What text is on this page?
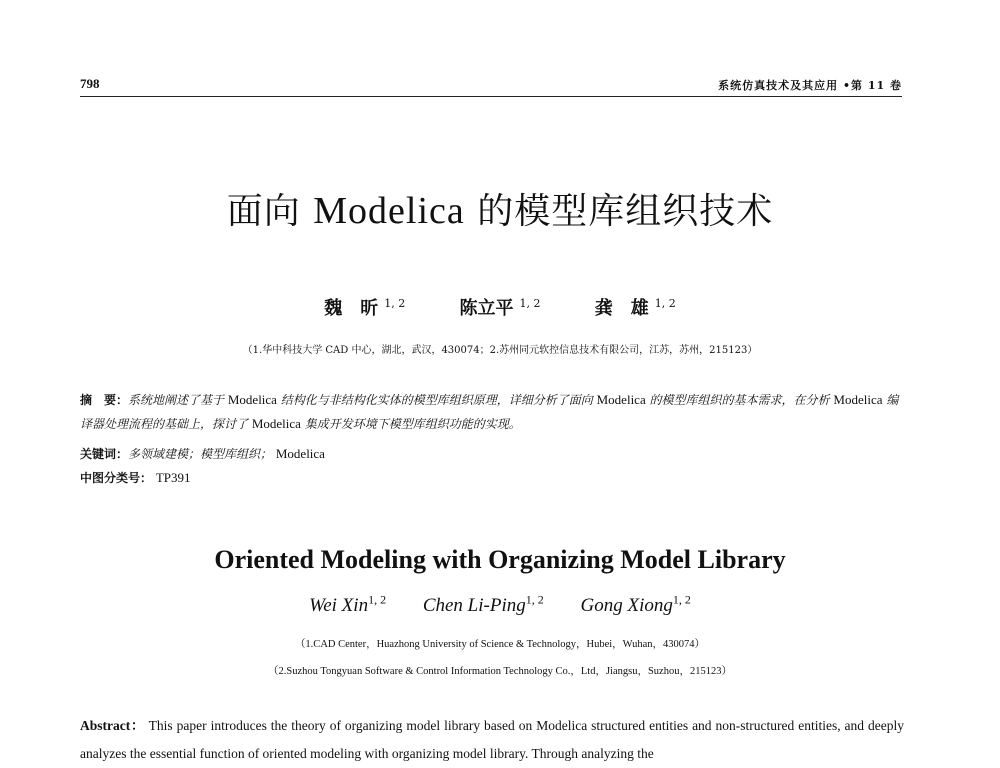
798	系统仿真技术及其应用 •第 11 卷
面向 Modelica 的模型库组织技术
魏　昕 $^{1, 2}$	陈立平 $^{1, 2}$	龚　雄 $^{1, 2}$
（1.华中科技大学 CAD 中心，湖北，武汉，430074；2.苏州同元软控信息技术有限公司，江苏，苏州，215123）
摘　要：系统地阐述了基于 Modelica 结构化与非结构化实体的模型库组织原理，详细分析了面向 Modelica 的模型库组织的基本需求，在分析 Modelica 编译器处理流程的基础上，探讨了 Modelica 集成开发环境下模型库组织功能的实现。
关键词：多领域建模；模型库组织； Modelica
中图分类号： TP391
Oriented Modeling with Organizing Model Library
Wei Xin$^{1, 2}$ Chen Li-Ping$^{1, 2}$ Gong Xiong$^{1, 2}$
（1.CAD Center，Huazhong University of Science & Technology，Hubei，Wuhan，430074）
（2.Suzhou Tongyuan Software & Control Information Technology Co.，Ltd，Jiangsu，Suzhou，215123）
Abstract： This paper introduces the theory of organizing model library based on Modelica structured entities and non-structured entities, and deeply analyzes the essential function of oriented modeling with organizing model library. Through analyzing the
